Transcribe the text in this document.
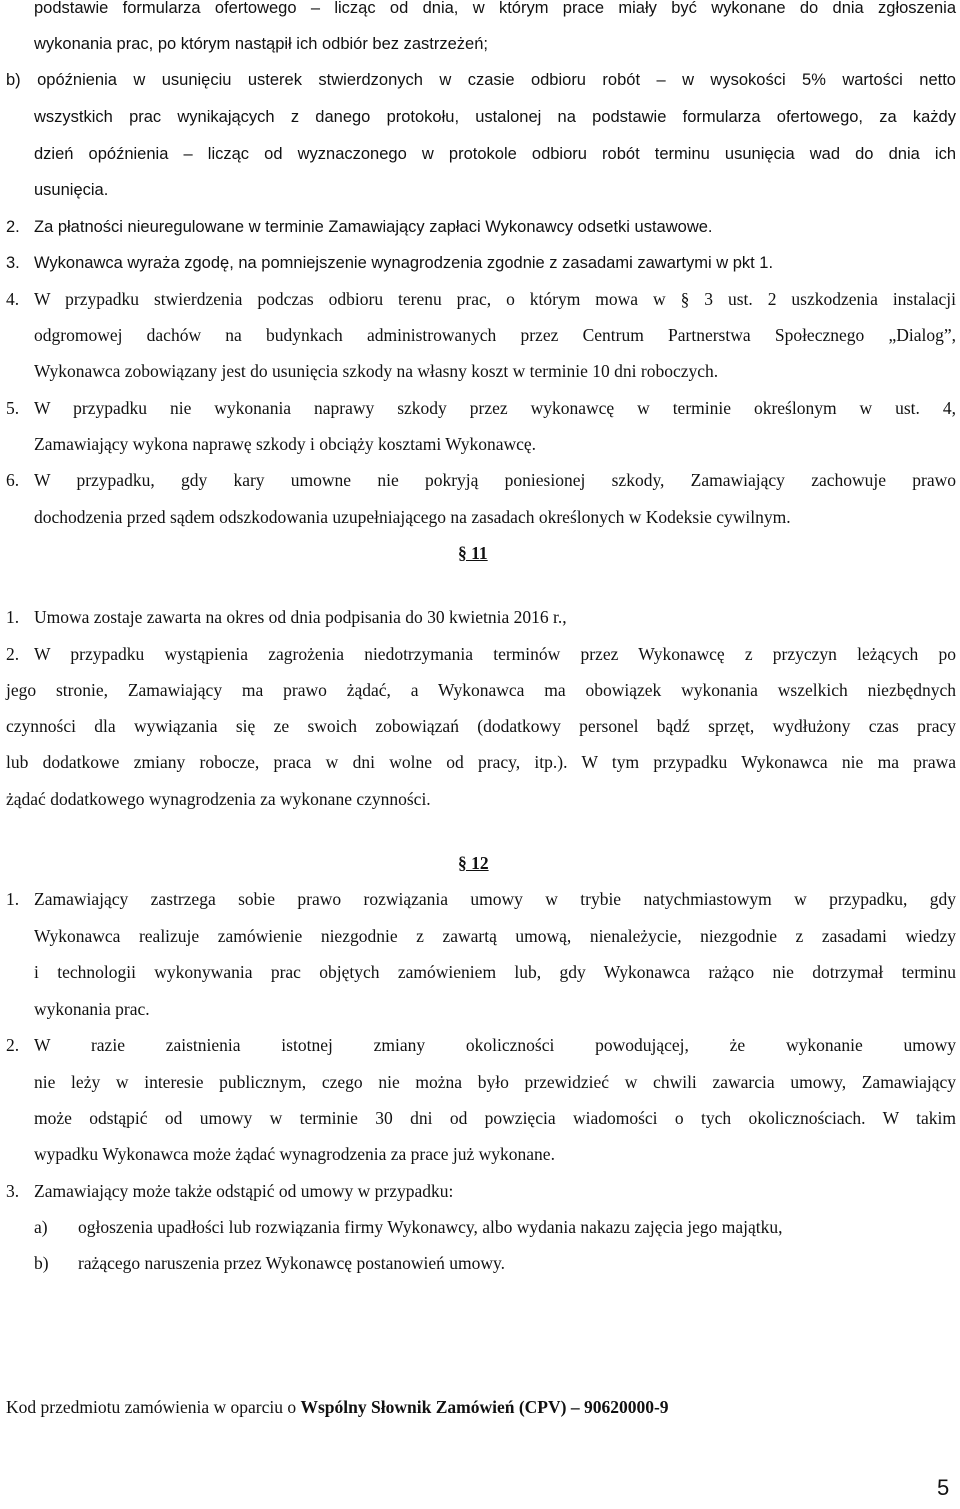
podstawie formularza ofertowego – licząc od dnia, w którym prace miały być wykonane do dnia zgłoszenia
wykonania prac, po którym nastąpił ich odbiór bez zastrzeżeń;
b) opóźnienia w usunięciu usterek stwierdzonych w czasie odbioru robót – w wysokości 5% wartości netto
wszystkich prac wynikających z danego protokołu, ustalonej na podstawie formularza ofertowego, za każdy
dzień opóźnienia – licząc od wyznaczonego w protokole odbioru robót terminu usunięcia wad do dnia ich
usunięcia.
2. Za płatności nieuregulowane w terminie Zamawiający zapłaci Wykonawcy odsetki ustawowe.
3. Wykonawca wyraża zgodę, na pomniejszenie wynagrodzenia zgodnie z zasadami zawartymi w pkt 1.
4. W przypadku stwierdzenia podczas odbioru terenu prac, o którym mowa w § 3 ust. 2 uszkodzenia instalacji
odgromowej dachów na budynkach administrowanych przez Centrum Partnerstwa Społecznego „Dialog”,
Wykonawca zobowiązany jest do usunięcia szkody na własny koszt w terminie 10 dni roboczych.
5. W przypadku nie wykonania naprawy szkody przez wykonawcę w terminie określonym w ust. 4,
Zamawiający wykona naprawę szkody i obciąży kosztami Wykonawcę.
6. W przypadku, gdy kary umowne nie pokryją poniesionej szkody, Zamawiający zachowuje prawo
dochodzenia przed sądem odszkodowania uzupełniającego na zasadach określonych w Kodeksie cywilnym.
§ 11
1. Umowa zostaje zawarta na okres od dnia podpisania do 30 kwietnia 2016 r.,
2. W przypadku wystąpienia zagrożenia niedotrzymania terminów przez Wykonawcę z przyczyn leżących po
jego stronie, Zamawiający ma prawo żądać, a Wykonawca ma obowiązek wykonania wszelkich niezbędnych
czynności dla wywiązania się ze swoich zobowiązań (dodatkowy personel bądź sprzęt, wydłużony czas pracy
lub dodatkowe zmiany robocze, praca w dni wolne od pracy, itp.). W tym przypadku Wykonawca nie ma prawa
żądać dodatkowego wynagrodzenia za wykonane czynności.
§ 12
1. Zamawiający zastrzega sobie prawo rozwiązania umowy w trybie natychmiastowym w przypadku, gdy
Wykonawca realizuje zamówienie niezgodnie z zawartą umową, nienależycie, niezgodnie z zasadami wiedzy
i technologii wykonywania prac objętych zamówieniem lub, gdy Wykonawca rażąco nie dotrzymał terminu
wykonania prac.
2. W razie zaistnienia istotnej zmiany okoliczności powodującej, że wykonanie umowy
nie leży w interesie publicznym, czego nie można było przewidzieć w chwili zawarcia umowy, Zamawiający
może odstąpić od umowy w terminie 30 dni od powzięcia wiadomości o tych okolicznościach. W takim
wypadku Wykonawca może żądać wynagrodzenia za prace już wykonane.
3. Zamawiający może także odstąpić od umowy w przypadku:
a) ogłoszenia upadłości lub rozwiązania firmy Wykonawcy, albo wydania nakazu zajęcia jego majątku,
b) rażącego naruszenia przez Wykonawcę postanowień umowy.
Kod przedmiotu zamówienia w oparciu o Wspólny Słownik Zamówień (CPV) – 90620000-9
5
